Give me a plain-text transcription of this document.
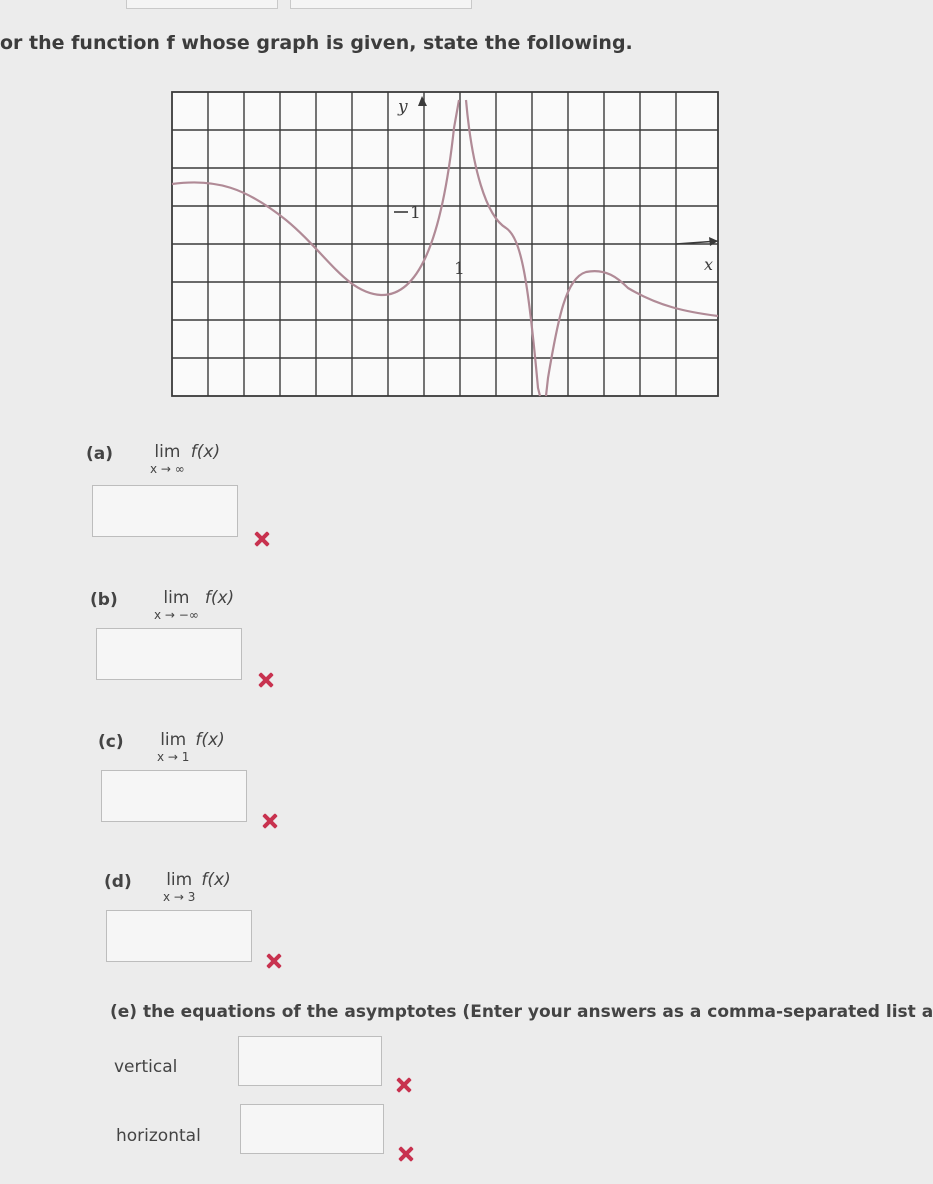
or the function f whose graph is given, state the following.
y
x
1
1
(a) lim
x → ∞
f(x)
(b)	lim
x → −∞
f(x)
(c) lim
x → 1
f(x)
(d) lim
x → 3
f(x)
(e) the equations of the asymptotes (Enter your answers as a comma-separated list a
vertical
horizontal
